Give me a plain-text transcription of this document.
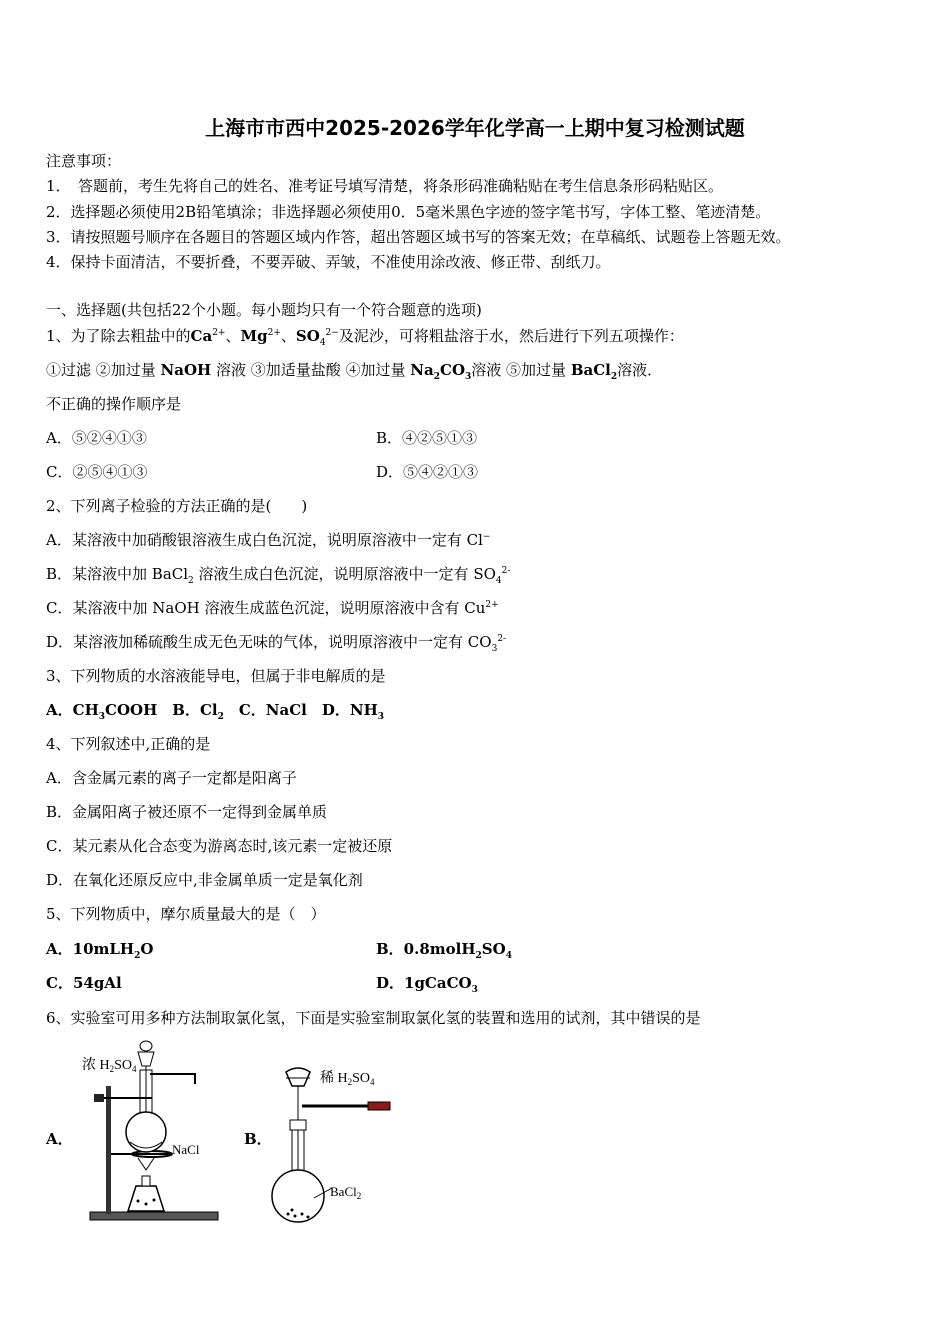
上海市市西中2025-2026学年化学高一上期中复习检测试题
注意事项：
1．　答题前，考生先将自己的姓名、准考证号填写清楚，将条形码准确粘贴在考生信息条形码粘贴区。
2．选择题必须使用2B铅笔填涂；非选择题必须使用0．5毫米黑色字迹的签字笔书写，字体工整、笔迹清楚。
3．请按照题号顺序在各题目的答题区域内作答，超出答题区域书写的答案无效；在草稿纸、试题卷上答题无效。
4．保持卡面清洁，不要折叠，不要弄破、弄皱，不准使用涂改液、修正带、刮纸刀。
一、选择题(共包括22个小题。每小题均只有一个符合题意的选项)
1、为了除去粗盐中的$Ca^{2+}$、$Mg^{2+}$、$SO_4^{2-}$及泥沙，可将粗盐溶于水，然后进行下列五项操作：
①过滤 ②加过量 NaOH 溶液 ③加适量盐酸 ④加过量 $Na_2CO_3$溶液 ⑤加过量 BaCl$_2$溶液．
不正确的操作顺序是
A．⑤②④①③	B．④②⑤①③
C．②⑤④①③	D．⑤④②①③
2、下列离子检验的方法正确的是(　　)
A．某溶液中加硝酸银溶液生成白色沉淀，说明原溶液中一定有 Cl−
B．某溶液中加 BaCl$_2$ 溶液生成白色沉淀，说明原溶液中一定有 $SO_4^{2-}$
C．某溶液中加 NaOH 溶液生成蓝色沉淀，说明原溶液中含有 $Cu^{2+}$
D．某溶液加稀硫酸生成无色无味的气体，说明原溶液中一定有 $CO_3^{2-}$
3、下列物质的水溶液能导电，但属于非电解质的是
A．$CH_3COOH$　B．$Cl_2$　C．NaCl　D．$NH_3$
4、下列叙述中,正确的是
A．含金属元素的离子一定都是阳离子
B．金属阳离子被还原不一定得到金属单质
C．某元素从化合态变为游离态时,该元素一定被还原
D．在氧化还原反应中,非金属单质一定是氧化剂
5、下列物质中，摩尔质量最大的是（　）
A．10mLH$_2$O	B．$0.8molH_2SO_4$
C．54gAl	D．1gCaCO$_3$
6、实验室可用多种方法制取氯化氢，下面是实验室制取氯化氢的装置和选用的试剂，其中错误的是
A．	B．
浓 $H_2SO_4$
NaCl
稀 $H_2SO_4$
BaCl$_2$
